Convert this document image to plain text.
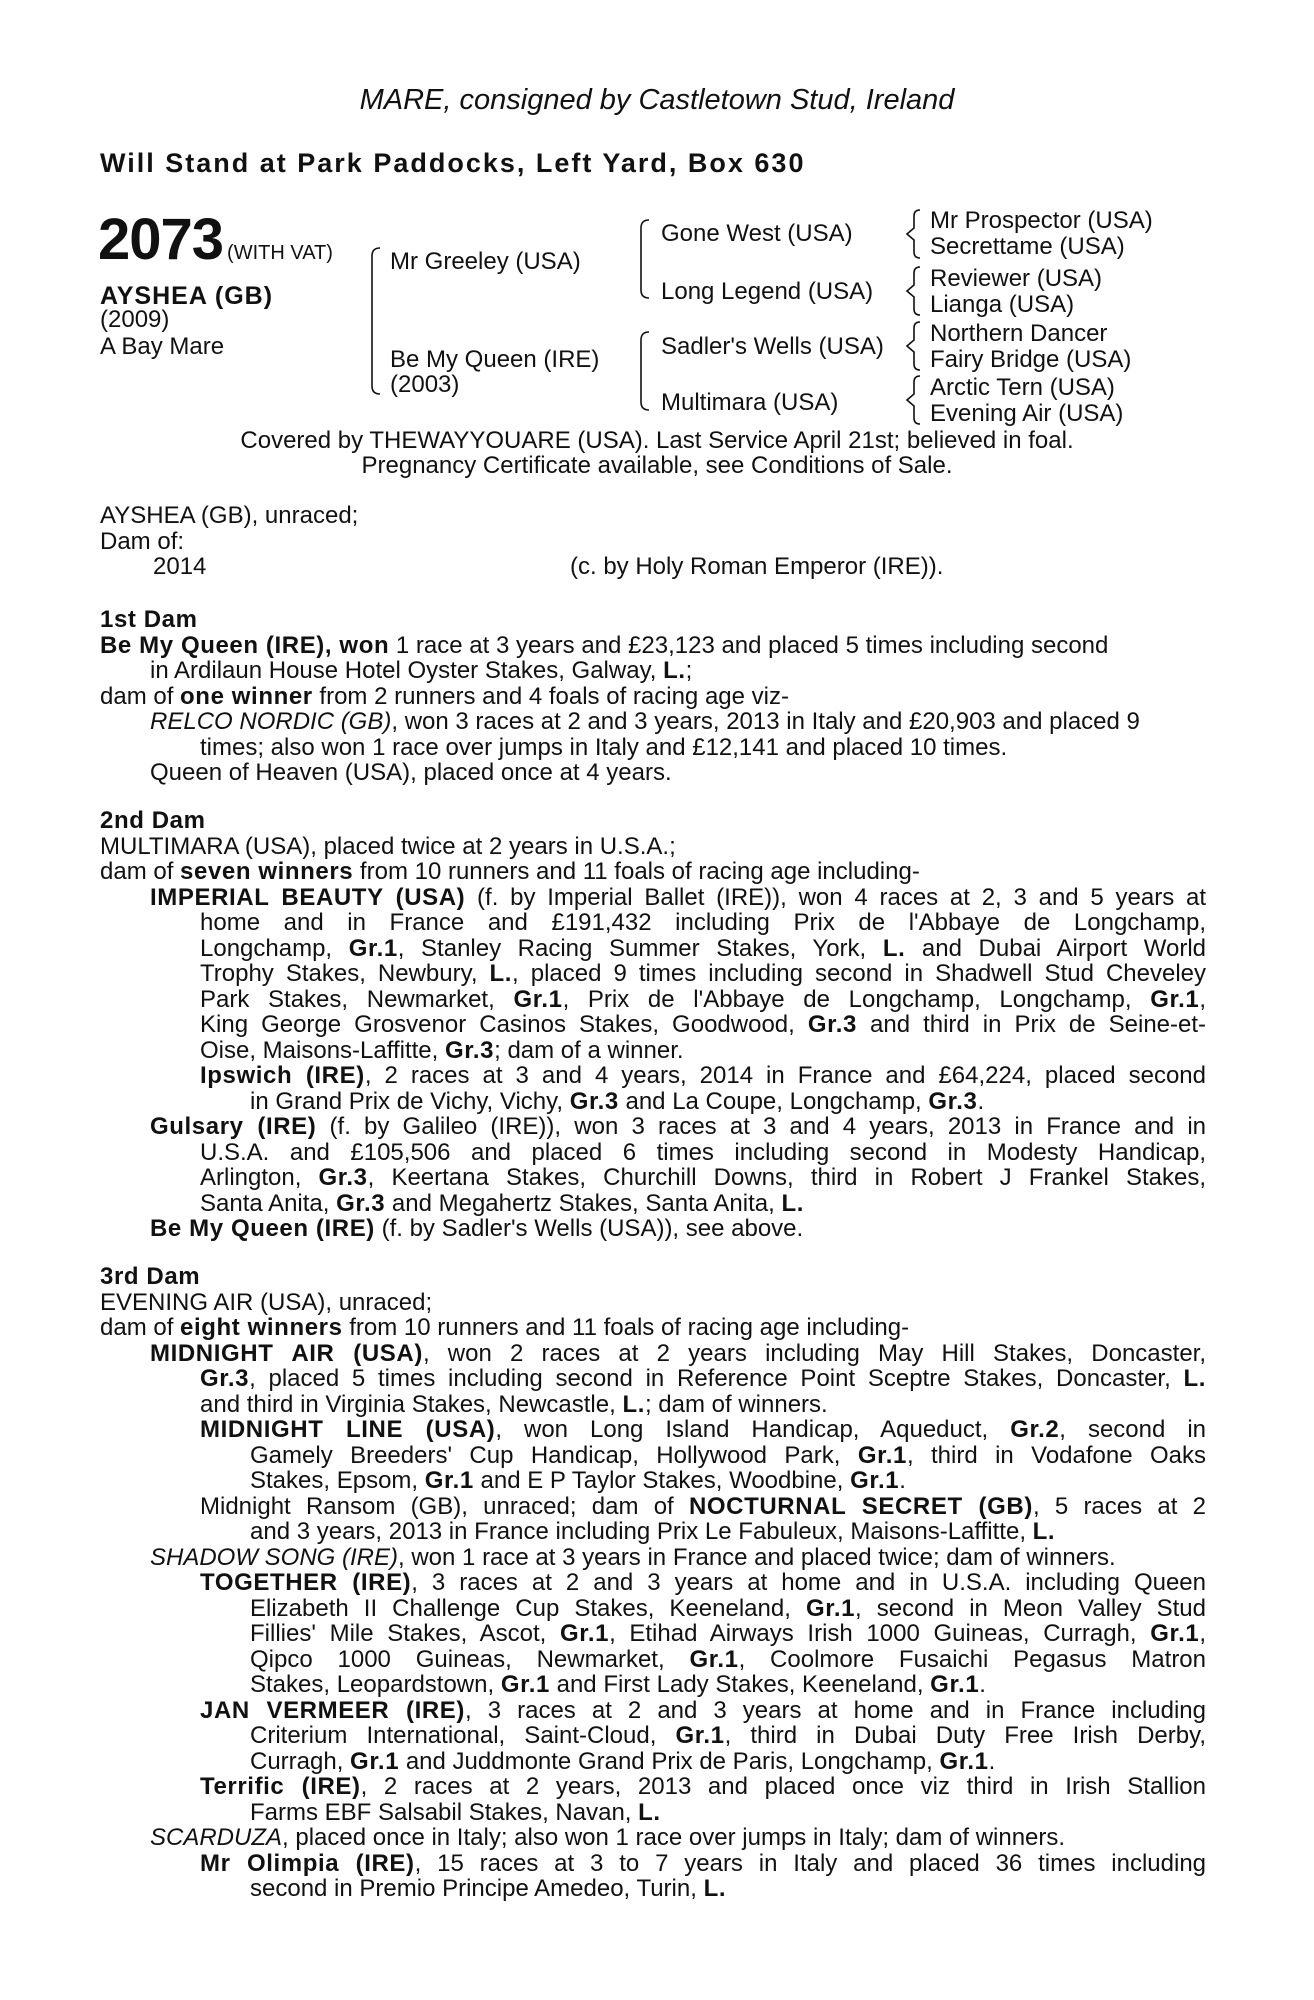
MARE, consigned by Castletown Stud, Ireland
Will Stand at Park Paddocks, Left Yard, Box 630
2073 (WITH VAT)
AYSHEA (GB)
(2009)
A Bay Mare
Mr Greeley (USA)
Be My Queen (IRE)
(2003)
Gone West (USA)
Long Legend (USA)
Sadler's Wells (USA)
Multimara (USA)
Mr Prospector (USA)
Secrettame (USA)
Reviewer (USA)
Lianga (USA)
Northern Dancer
Fairy Bridge (USA)
Arctic Tern (USA)
Evening Air (USA)
Covered by THEWAYYOUARE (USA). Last Service April 21st; believed in foal.
Pregnancy Certificate available, see Conditions of Sale.
AYSHEA (GB), unraced;
Dam of:
2014	(c. by Holy Roman Emperor (IRE)).
1st Dam
Be My Queen (IRE), won 1 race at 3 years and £23,123 and placed 5 times including second
in Ardilaun House Hotel Oyster Stakes, Galway, L.;
dam of one winner from 2 runners and 4 foals of racing age viz-
RELCO NORDIC (GB), won 3 races at 2 and 3 years, 2013 in Italy and £20,903 and placed 9
times; also won 1 race over jumps in Italy and £12,141 and placed 10 times.
Queen of Heaven (USA), placed once at 4 years.
2nd Dam
MULTIMARA (USA), placed twice at 2 years in U.S.A.;
dam of seven winners from 10 runners and 11 foals of racing age including-
IMPERIAL BEAUTY (USA) (f. by Imperial Ballet (IRE)), won 4 races at 2, 3 and 5 years at
home and in France and £191,432 including Prix de l'Abbaye de Longchamp,
Longchamp, Gr.1, Stanley Racing Summer Stakes, York, L. and Dubai Airport World
Trophy Stakes, Newbury, L., placed 9 times including second in Shadwell Stud Cheveley
Park Stakes, Newmarket, Gr.1, Prix de l'Abbaye de Longchamp, Longchamp, Gr.1,
King George Grosvenor Casinos Stakes, Goodwood, Gr.3 and third in Prix de Seine-et-
Oise, Maisons-Laffitte, Gr.3; dam of a winner.
Ipswich (IRE), 2 races at 3 and 4 years, 2014 in France and £64,224, placed second
in Grand Prix de Vichy, Vichy, Gr.3 and La Coupe, Longchamp, Gr.3.
Gulsary (IRE) (f. by Galileo (IRE)), won 3 races at 3 and 4 years, 2013 in France and in
U.S.A. and £105,506 and placed 6 times including second in Modesty Handicap,
Arlington, Gr.3, Keertana Stakes, Churchill Downs, third in Robert J Frankel Stakes,
Santa Anita, Gr.3 and Megahertz Stakes, Santa Anita, L.
Be My Queen (IRE) (f. by Sadler's Wells (USA)), see above.
3rd Dam
EVENING AIR (USA), unraced;
dam of eight winners from 10 runners and 11 foals of racing age including-
MIDNIGHT AIR (USA), won 2 races at 2 years including May Hill Stakes, Doncaster,
Gr.3, placed 5 times including second in Reference Point Sceptre Stakes, Doncaster, L.
and third in Virginia Stakes, Newcastle, L.; dam of winners.
MIDNIGHT LINE (USA), won Long Island Handicap, Aqueduct, Gr.2, second in
Gamely Breeders' Cup Handicap, Hollywood Park, Gr.1, third in Vodafone Oaks
Stakes, Epsom, Gr.1 and E P Taylor Stakes, Woodbine, Gr.1.
Midnight Ransom (GB), unraced; dam of NOCTURNAL SECRET (GB), 5 races at 2
and 3 years, 2013 in France including Prix Le Fabuleux, Maisons-Laffitte, L.
SHADOW SONG (IRE), won 1 race at 3 years in France and placed twice; dam of winners.
TOGETHER (IRE), 3 races at 2 and 3 years at home and in U.S.A. including Queen
Elizabeth II Challenge Cup Stakes, Keeneland, Gr.1, second in Meon Valley Stud
Fillies' Mile Stakes, Ascot, Gr.1, Etihad Airways Irish 1000 Guineas, Curragh, Gr.1,
Qipco 1000 Guineas, Newmarket, Gr.1, Coolmore Fusaichi Pegasus Matron
Stakes, Leopardstown, Gr.1 and First Lady Stakes, Keeneland, Gr.1.
JAN VERMEER (IRE), 3 races at 2 and 3 years at home and in France including
Criterium International, Saint-Cloud, Gr.1, third in Dubai Duty Free Irish Derby,
Curragh, Gr.1 and Juddmonte Grand Prix de Paris, Longchamp, Gr.1.
Terrific (IRE), 2 races at 2 years, 2013 and placed once viz third in Irish Stallion
Farms EBF Salsabil Stakes, Navan, L.
SCARDUZA, placed once in Italy; also won 1 race over jumps in Italy; dam of winners.
Mr Olimpia (IRE), 15 races at 3 to 7 years in Italy and placed 36 times including
second in Premio Principe Amedeo, Turin, L.
